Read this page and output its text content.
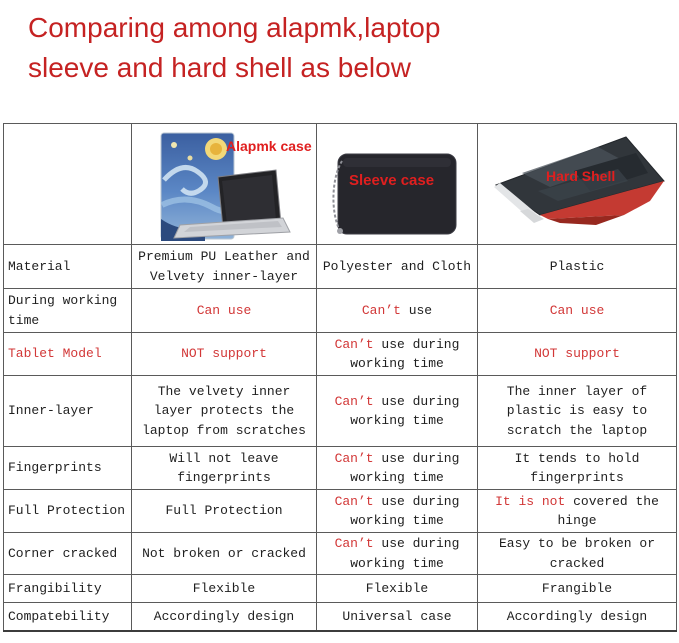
Comparing among alapmk,laptop
sleeve and hard shell as below

	Alapmk case	Sleeve case	Hard Shell

Material	Premium PU Leather and Velvety inner-layer	Polyester and Cloth	Plastic
During working time	Can use	Can’t use	Can use
Tablet Model	NOT support	Can’t use during working time	NOT support
Inner-layer	The velvety inner layer protects the laptop from scratches	Can’t use during working time	The inner layer of plastic is easy to scratch the laptop
Fingerprints	Will not leave fingerprints	Can’t use during working time	It tends to hold fingerprints
Full Protection	Full Protection	Can’t use during working time	It is not covered the hinge
Corner cracked	Not broken or cracked	Can’t use during working time	Easy to be broken or cracked
Frangibility	Flexible	Flexible	Frangible
Compatebility	Accordingly design	Universal case	Accordingly design
